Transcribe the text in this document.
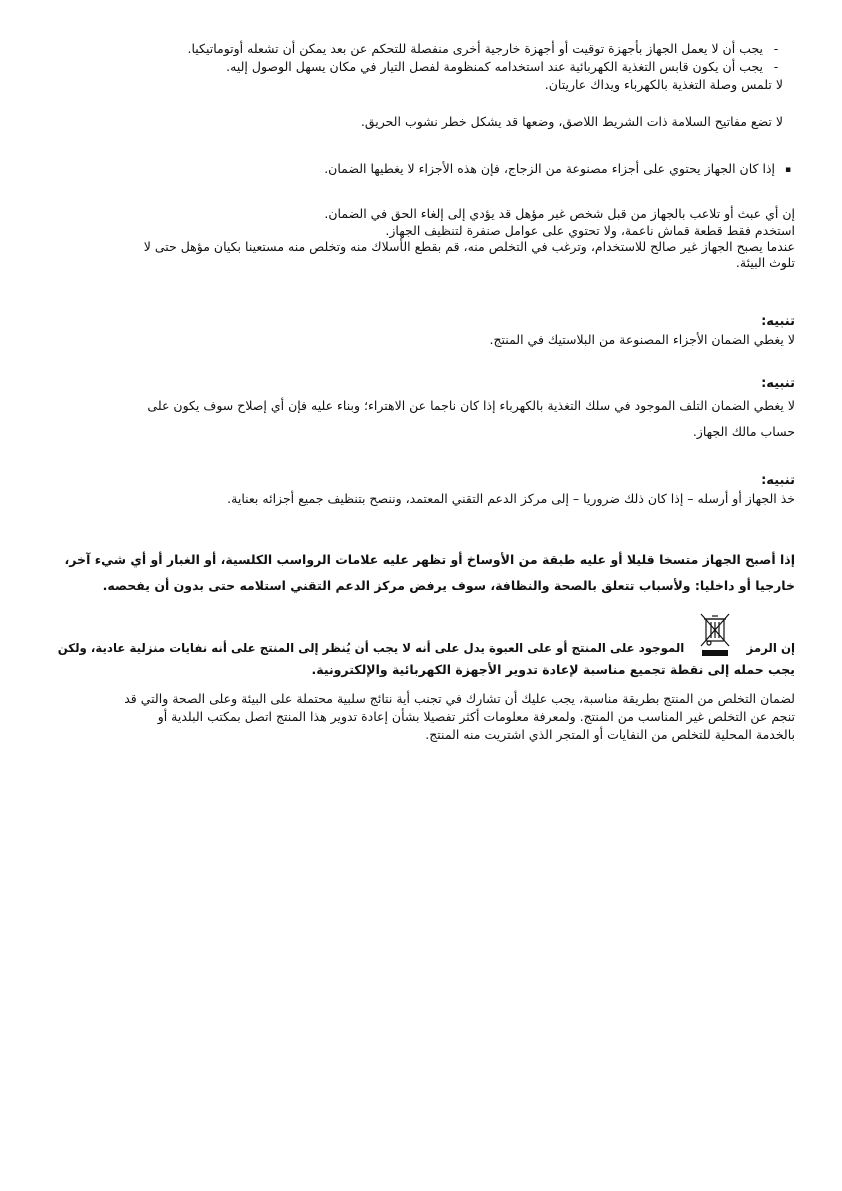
- يجب أن لا يعمل الجهاز بأجهزة توقيت أو أجهزة خارجية أخرى منفصلة للتحكم عن بعد يمكن أن تشعله أوتوماتيكيا.
- يجب أن يكون قابس التغذية الكهربائية عند استخدامه كمنظومة لفصل التيار في مكان يسهل الوصول إليه.
لا تلمس وصلة التغذية بالكهرباء ويداك عاريتان.
لا تضع مفاتيح السلامة ذات الشريط اللاصق، وضعها قد يشكل خطر نشوب الحريق.
▪ إذا كان الجهاز يحتوي على أجزاء مصنوعة من الزجاج، فإن هذه الأجزاء لا يغطيها الضمان.
إن أي عبث أو تلاعب بالجهاز من قبل شخص غير مؤهل قد يؤدي إلى إلغاء الحق في الضمان.
استخدم فقط قطعة قماش ناعمة، ولا تحتوي على عوامل صنفرة لتنظيف الجهاز.
عندما يصبح الجهاز غير صالح للاستخدام، وترغب في التخلص منه، قم بقطع الأسلاك منه وتخلص منه مستعينا بكيان مؤهل حتى لا
تلوث البيئة.
تنبيه:
لا يغطي الضمان الأجزاء المصنوعة من البلاستيك في المنتج.
تنبيه:
لا يغطي الضمان التلف الموجود في سلك التغذية بالكهرباء إذا كان ناجما عن الاهتراء؛ وبناء عليه فإن أي إصلاح سوف يكون على
حساب مالك الجهاز.
تنبيه:
خذ الجهاز أو أرسله – إذا كان ذلك ضروريا – إلى مركز الدعم التقني المعتمد، وننصح بتنظيف جميع أجزائه بعناية.
إذا أصبح الجهاز متسخا قليلا أو عليه طبقة من الأوساخ أو تظهر عليه علامات الرواسب الكلسية، أو الغبار أو أي شيء آخر،
خارجيا أو داخليا: ولأسباب تتعلق بالصحة والنظافة، سوف يرفض مركز الدعم التقني استلامه حتى بدون أن يفحصه.
إن الرمز  الموجود على المنتج أو على العبوة يدل على أنه لا يجب أن يُنظر إلى المنتج على أنه نفايات منزلية عادية، ولكن
يجب حمله إلى نقطة تجميع مناسبة لإعادة تدوير الأجهزة الكهربائية والإلكترونية.
لضمان التخلص من المنتج بطريقة مناسبة، يجب عليك أن تشارك في تجنب أية نتائج سلبية محتملة على البيئة وعلى الصحة والتي قد
تنجم عن التخلص غير المناسب من المنتج. ولمعرفة معلومات أكثر تفصيلا بشأن إعادة تدوير هذا المنتج اتصل بمكتب البلدية أو
بالخدمة المحلية للتخلص من النفايات أو المتجر الذي اشتريت منه المنتج.
